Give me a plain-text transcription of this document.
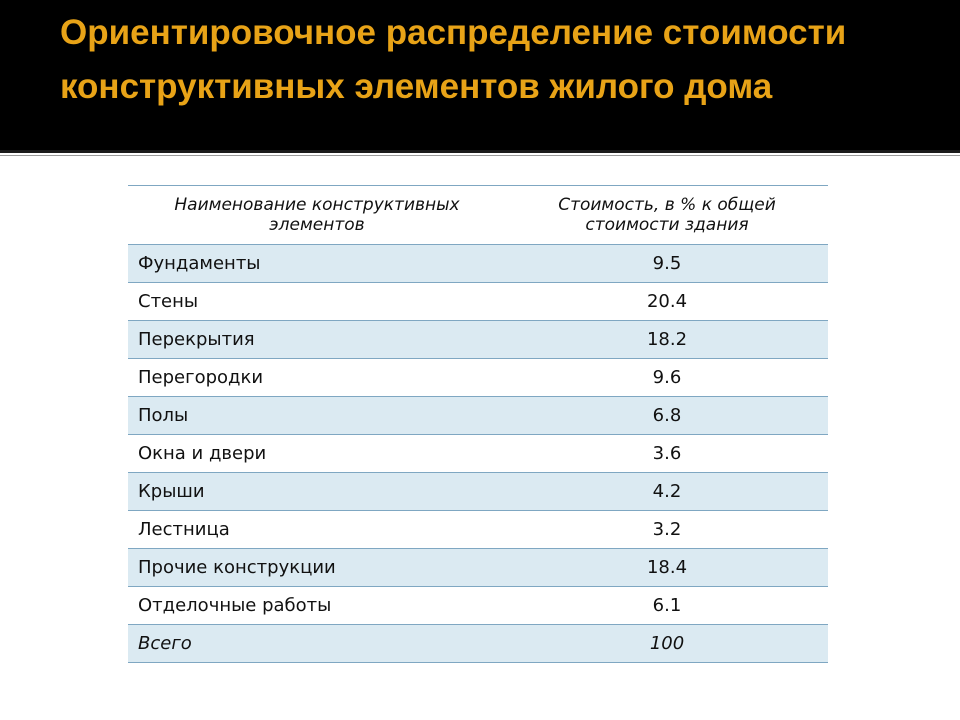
Ориентировочное распределение стоимости конструктивных элементов жилого дома
Наименование конструктивных элементов	Стоимость, в % к общей стоимости здания
Фундаменты	9.5
Стены	20.4
Перекрытия	18.2
Перегородки	9.6
Полы	6.8
Окна и двери	3.6
Крыши	4.2
Лестница	3.2
Прочие конструкции	18.4
Отделочные работы	6.1
Всего	100
